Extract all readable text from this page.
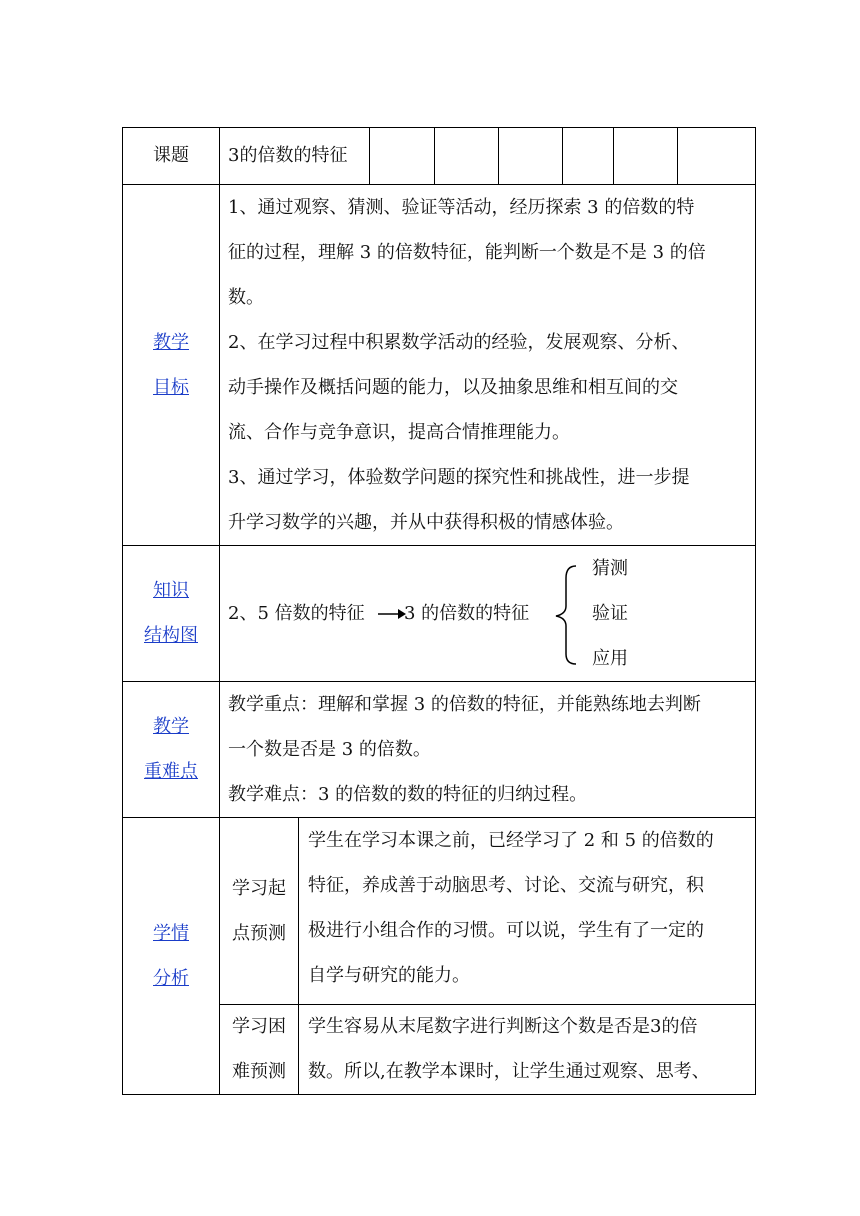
课题	3的倍数的特征
教学
目标
1、通过观察、猜测、验证等活动，经历探索 3 的倍数的特
征的过程，理解 3 的倍数特征，能判断一个数是不是 3 的倍
数。
2、在学习过程中积累数学活动的经验，发展观察、分析、
动手操作及概括问题的能力，以及抽象思维和相互间的交
流、合作与竞争意识，提高合情推理能力。
3、通过学习，体验数学问题的探究性和挑战性，进一步提
升学习数学的兴趣，并从中获得积极的情感体验。
知识
结构图
2、5 倍数的特征 3 的倍数的特征
猜测
验证
应用
教学
重难点
教学重点：理解和掌握 3 的倍数的特征，并能熟练地去判断
一个数是否是 3 的倍数。
教学难点：3 的倍数的数的特征的归纳过程。
学情
分析
学习起
点预测
学生在学习本课之前，已经学习了 2 和 5 的倍数的
特征，养成善于动脑思考、讨论、交流与研究，积
极进行小组合作的习惯。可以说，学生有了一定的
自学与研究的能力。
学习困
难预测
学生容易从末尾数字进行判断这个数是否是3的倍
数。所以,在教学本课时，让学生通过观察、思考、
